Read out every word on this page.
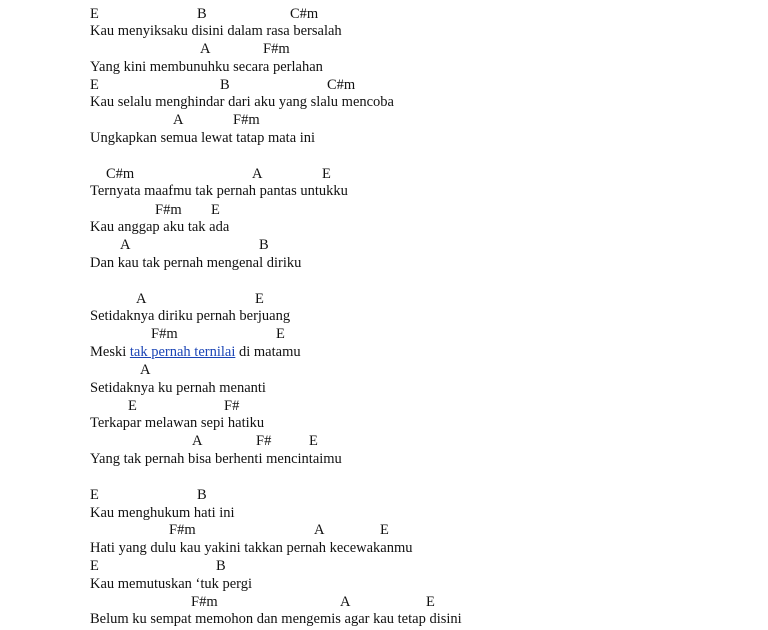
E	B	C#m
Kau menyiksaku disini dalam rasa bersalah
A	F#m
Yang kini membunuhku secara perlahan
E	B	C#m
Kau selalu menghindar dari aku yang slalu mencoba
A	F#m
Ungkapkan semua lewat tatap mata ini
C#m	A	E
Ternyata maafmu tak pernah pantas untukku
F#m E
Kau anggap aku tak ada
A	B
Dan kau tak pernah mengenal diriku
A	E
Setidaknya diriku pernah berjuang
F#m	E
Meski tak pernah ternilai di matamu
A
Setidaknya ku pernah menanti
E	F#
Terkapar melawan sepi hatiku
A	F#	E
Yang tak pernah bisa berhenti mencintaimu
E	B
Kau menghukum hati ini
F#m	A	E
Hati yang dulu kau yakini takkan pernah kecewakanmu
E	B
Kau memutuskan ‘tuk pergi
F#m	A	E
Belum ku sempat memohon dan mengemis agar kau tetap disini
